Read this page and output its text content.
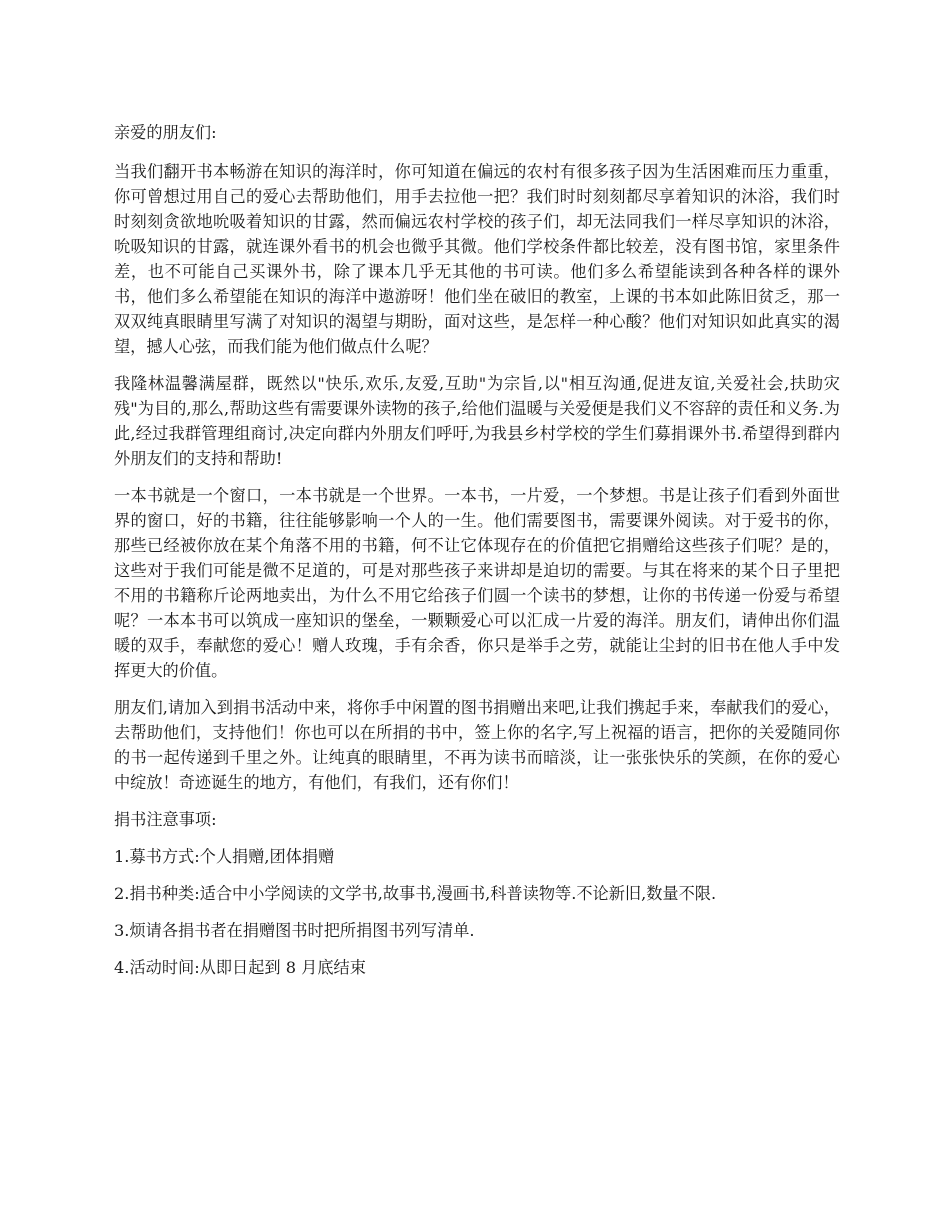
亲爱的朋友们:

当我们翻开书本畅游在知识的海洋时，你可知道在偏远的农村有很多孩子因为生活困难而压力重重，你可曾想过用自己的爱心去帮助他们，用手去拉他一把？我们时时刻刻都尽享着知识的沐浴，我们时时刻刻贪欲地吮吸着知识的甘露，然而偏远农村学校的孩子们，却无法同我们一样尽享知识的沐浴，吮吸知识的甘露，就连课外看书的机会也微乎其微。他们学校条件都比较差，没有图书馆，家里条件差，也不可能自己买课外书，除了课本几乎无其他的书可读。他们多么希望能读到各种各样的课外书，他们多么希望能在知识的海洋中遨游呀！他们坐在破旧的教室，上课的书本如此陈旧贫乏，那一双双纯真眼睛里写满了对知识的渴望与期盼，面对这些，是怎样一种心酸？他们对知识如此真实的渴望，撼人心弦，而我们能为他们做点什么呢？

我隆林温馨满屋群，既然以"快乐,欢乐,友爱,互助"为宗旨,以"相互沟通,促进友谊,关爱社会,扶助灾残"为目的,那么,帮助这些有需要课外读物的孩子,给他们温暖与关爱便是我们义不容辞的责任和义务.为此,经过我群管理组商讨,决定向群内外朋友们呼吁,为我县乡村学校的学生们募捐课外书.希望得到群内外朋友们的支持和帮助!

一本书就是一个窗口，一本书就是一个世界。一本书，一片爱，一个梦想。书是让孩子们看到外面世界的窗口，好的书籍，往往能够影响一个人的一生。他们需要图书，需要课外阅读。对于爱书的你，那些已经被你放在某个角落不用的书籍，何不让它体现存在的价值把它捐赠给这些孩子们呢？是的，这些对于我们可能是微不足道的，可是对那些孩子来讲却是迫切的需要。与其在将来的某个日子里把不用的书籍称斤论两地卖出，为什么不用它给孩子们圆一个读书的梦想，让你的书传递一份爱与希望呢？一本本书可以筑成一座知识的堡垒，一颗颗爱心可以汇成一片爱的海洋。朋友们，请伸出你们温暖的双手，奉献您的爱心！赠人玫瑰，手有余香，你只是举手之劳，就能让尘封的旧书在他人手中发挥更大的价值。

朋友们,请加入到捐书活动中来，将你手中闲置的图书捐赠出来吧,让我们携起手来，奉献我们的爱心，去帮助他们，支持他们！你也可以在所捐的书中，签上你的名字,写上祝福的语言，把你的关爱随同你的书一起传递到千里之外。让纯真的眼睛里，不再为读书而暗淡，让一张张快乐的笑颜，在你的爱心中绽放！奇迹诞生的地方，有他们，有我们，还有你们！

捐书注意事项:

1.募书方式:个人捐赠,团体捐赠

2.捐书种类:适合中小学阅读的文学书,故事书,漫画书,科普读物等.不论新旧,数量不限.

3.烦请各捐书者在捐赠图书时把所捐图书列写清单.

4.活动时间:从即日起到 8 月底结束
